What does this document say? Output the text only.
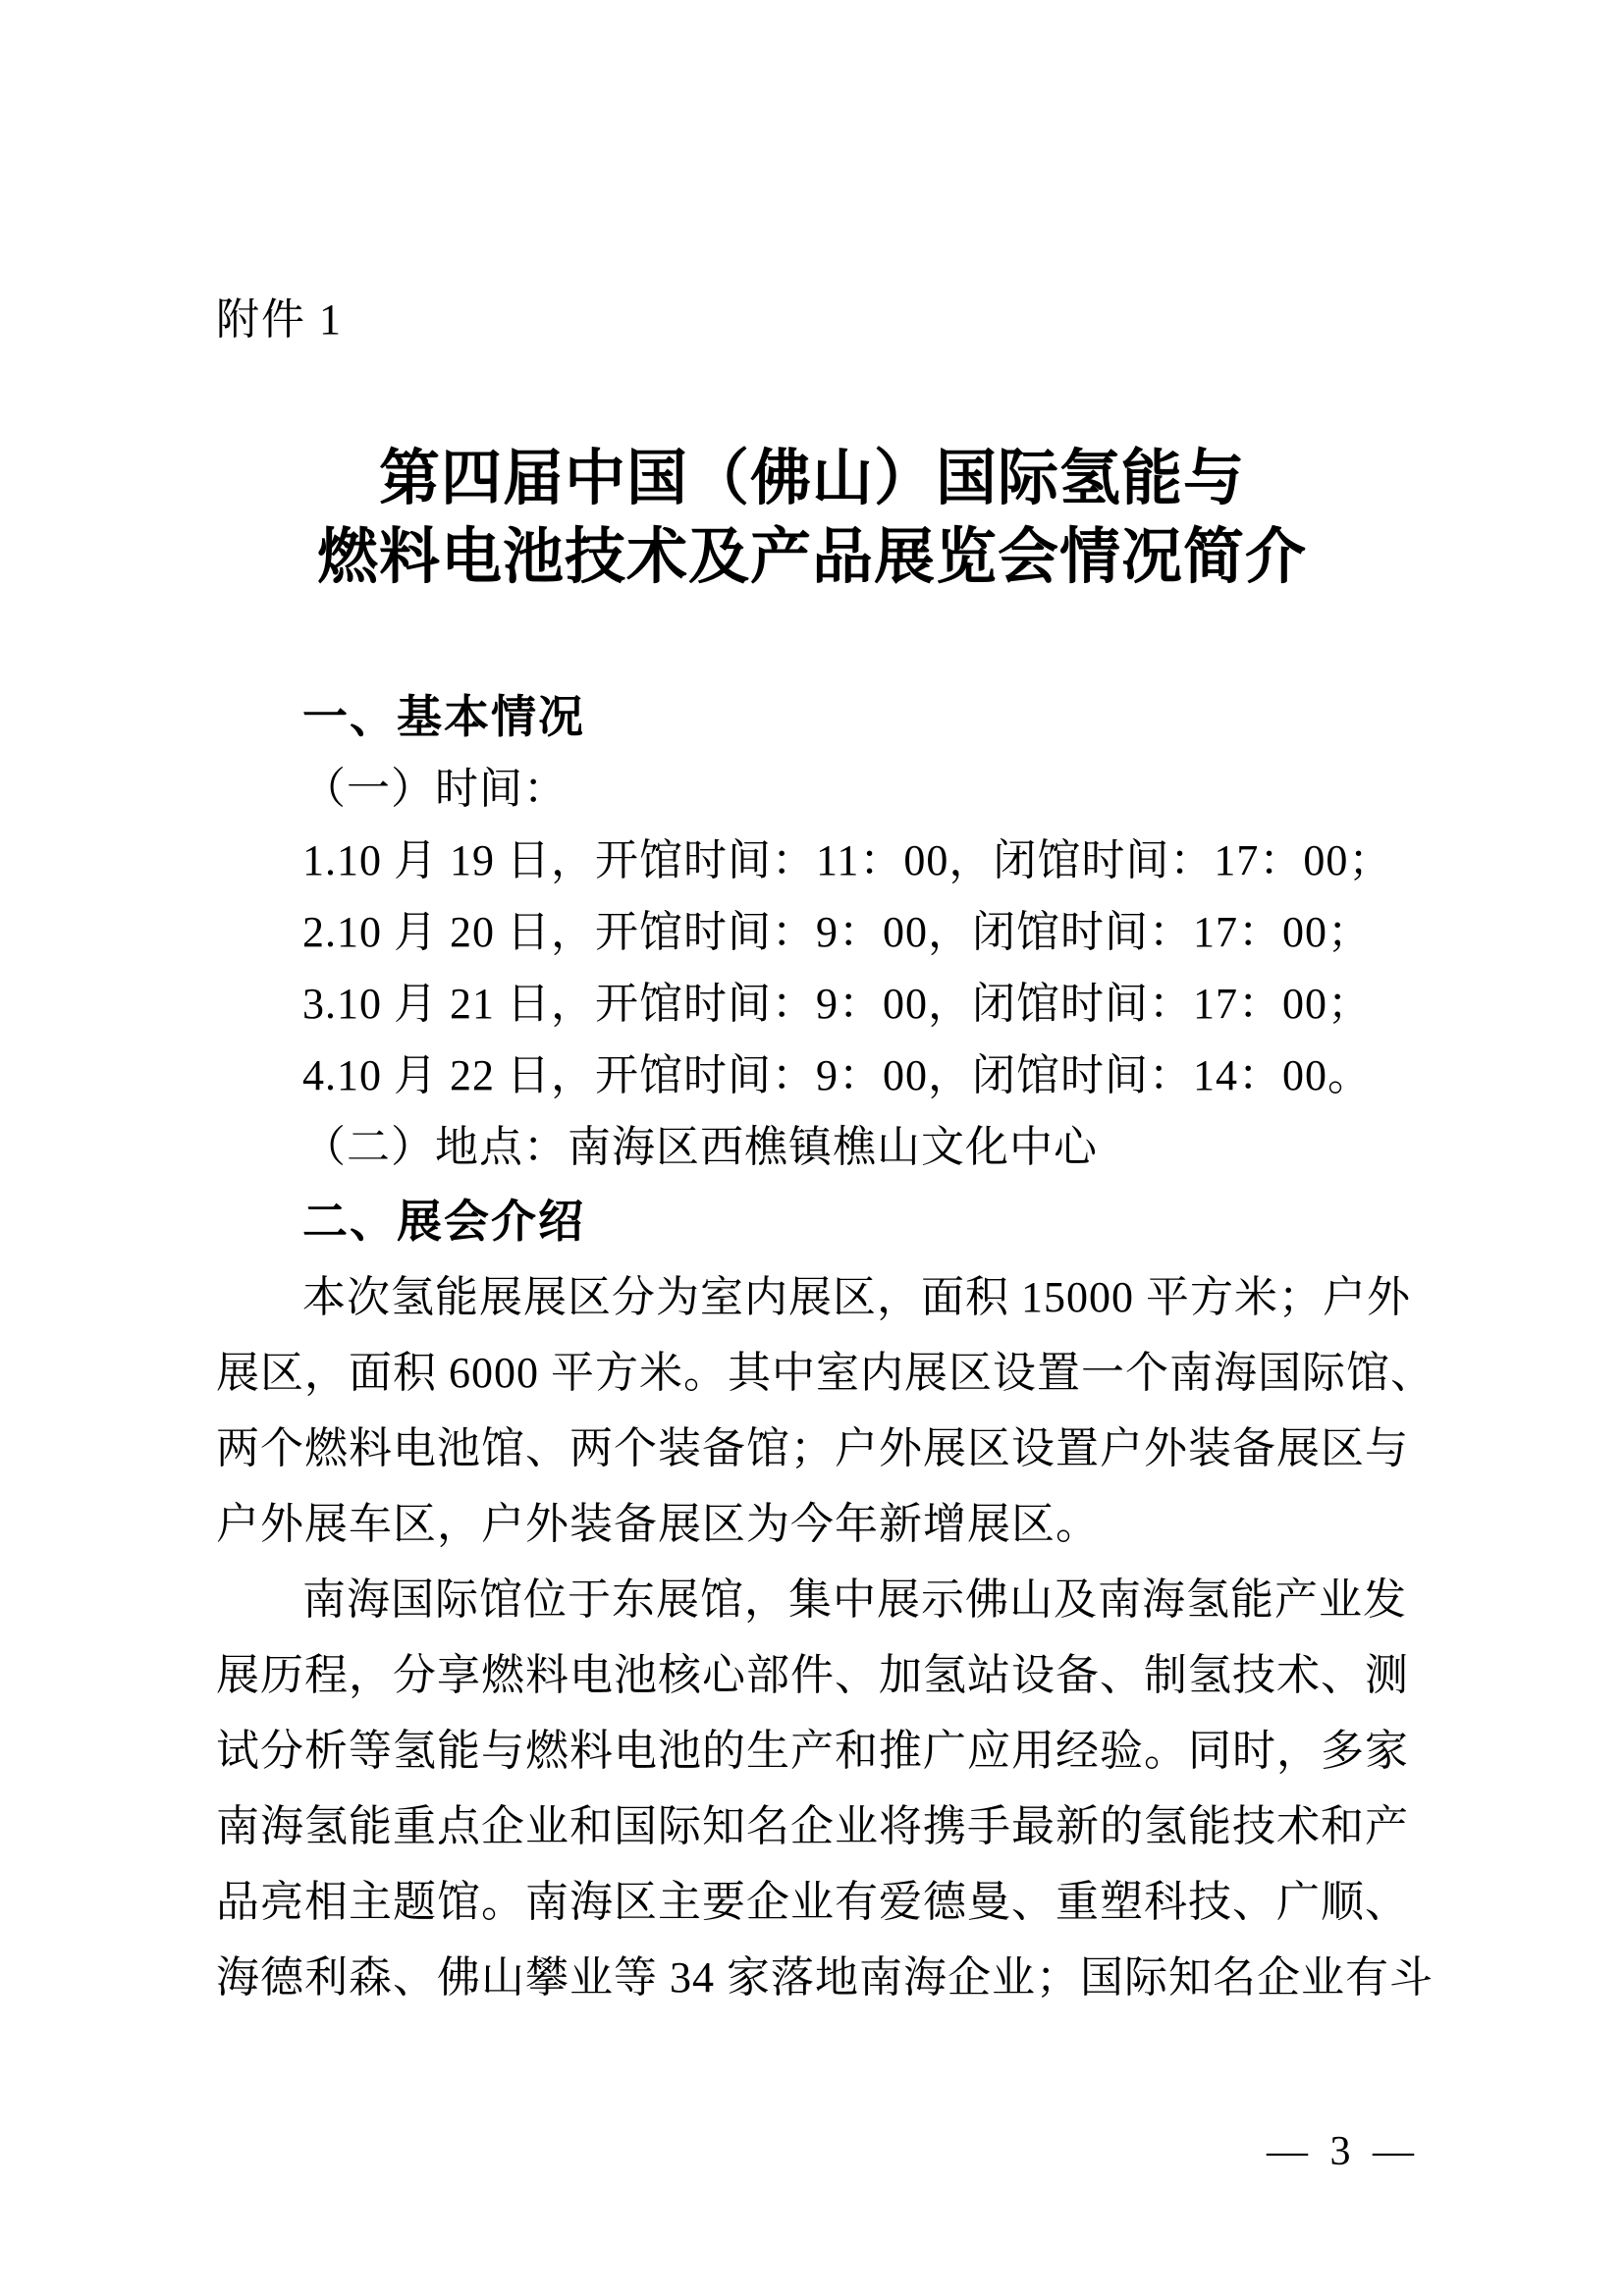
附件 1
第四届中国（佛山）国际氢能与
燃料电池技术及产品展览会情况简介
一、基本情况
（一）时间：
1.10 月 19 日，开馆时间：11：00，闭馆时间：17：00；
2.10 月 20 日，开馆时间：9：00，闭馆时间：17：00；
3.10 月 21 日，开馆时间：9：00，闭馆时间：17：00；
4.10 月 22 日，开馆时间：9：00，闭馆时间：14：00。
（二）地点：南海区西樵镇樵山文化中心
二、展会介绍
本次氢能展展区分为室内展区，面积 15000 平方米；户外
展区，面积 6000 平方米。其中室内展区设置一个南海国际馆、
两个燃料电池馆、两个装备馆；户外展区设置户外装备展区与
户外展车区，户外装备展区为今年新增展区。
南海国际馆位于东展馆，集中展示佛山及南海氢能产业发
展历程，分享燃料电池核心部件、加氢站设备、制氢技术、测
试分析等氢能与燃料电池的生产和推广应用经验。同时，多家
南海氢能重点企业和国际知名企业将携手最新的氢能技术和产
品亮相主题馆。南海区主要企业有爱德曼、重塑科技、广顺、
海德利森、佛山攀业等 34 家落地南海企业；国际知名企业有斗
— 3 —
